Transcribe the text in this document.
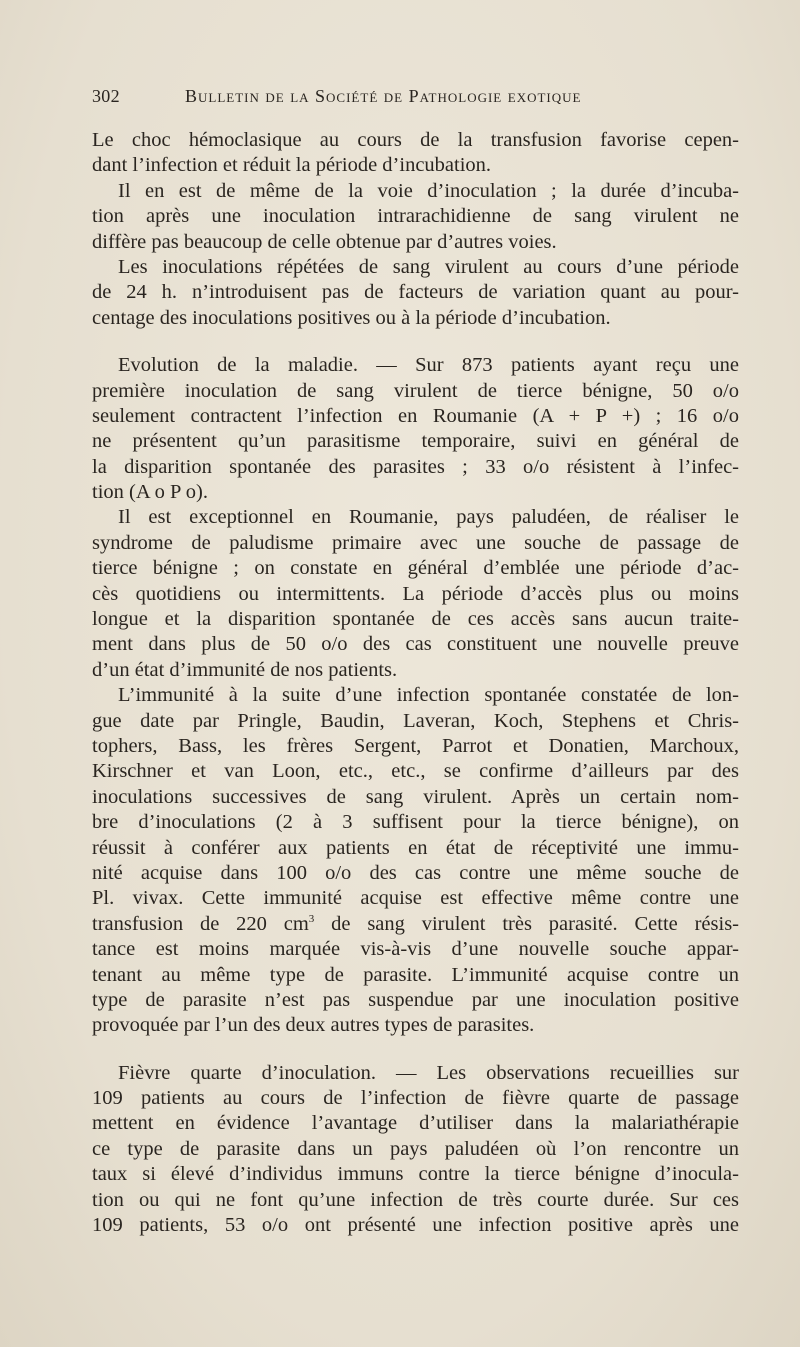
302	Bulletin de la Société de Pathologie exotique
Le choc hémoclasique au cours de la transfusion favorise cepen-
dant l’infection et réduit la période d’incubation.
Il en est de même de la voie d’inoculation ; la durée d’incuba-
tion après une inoculation intrarachidienne de sang virulent ne
diffère pas beaucoup de celle obtenue par d’autres voies.
Les inoculations répétées de sang virulent au cours d’une période
de 24 h. n’introduisent pas de facteurs de variation quant au pour-
centage des inoculations positives ou à la période d’incubation.
Evolution de la maladie. — Sur 873 patients ayant reçu une
première inoculation de sang virulent de tierce bénigne, 50 o/o
seulement contractent l’infection en Roumanie (A + P +) ; 16 o/o
ne présentent qu’un parasitisme temporaire, suivi en général de
la disparition spontanée des parasites ; 33 o/o résistent à l’infec-
tion (A o P o).
Il est exceptionnel en Roumanie, pays paludéen, de réaliser le
syndrome de paludisme primaire avec une souche de passage de
tierce bénigne ; on constate en général d’emblée une période d’ac-
cès quotidiens ou intermittents. La période d’accès plus ou moins
longue et la disparition spontanée de ces accès sans aucun traite-
ment dans plus de 50 o/o des cas constituent une nouvelle preuve
d’un état d’immunité de nos patients.
L’immunité à la suite d’une infection spontanée constatée de lon-
gue date par Pringle, Baudin, Laveran, Koch, Stephens et Chris-
tophers, Bass, les frères Sergent, Parrot et Donatien, Marchoux,
Kirschner et van Loon, etc., etc., se confirme d’ailleurs par des
inoculations successives de sang virulent. Après un certain nom-
bre d’inoculations (2 à 3 suffisent pour la tierce bénigne), on
réussit à conférer aux patients en état de réceptivité une immu-
nité acquise dans 100 o/o des cas contre une même souche de
Pl. vivax. Cette immunité acquise est effective même contre une
transfusion de 220 $cm^3$ de sang virulent très parasité. Cette résis-
tance est moins marquée vis-à-vis d’une nouvelle souche appar-
tenant au même type de parasite. L’immunité acquise contre un
type de parasite n’est pas suspendue par une inoculation positive
provoquée par l’un des deux autres types de parasites.
Fièvre quarte d’inoculation. — Les observations recueillies sur
109 patients au cours de l’infection de fièvre quarte de passage
mettent en évidence l’avantage d’utiliser dans la malariathérapie
ce type de parasite dans un pays paludéen où l’on rencontre un
taux si élevé d’individus immuns contre la tierce bénigne d’inocula-
tion ou qui ne font qu’une infection de très courte durée. Sur ces
109 patients, 53 o/o ont présenté une infection positive après une
